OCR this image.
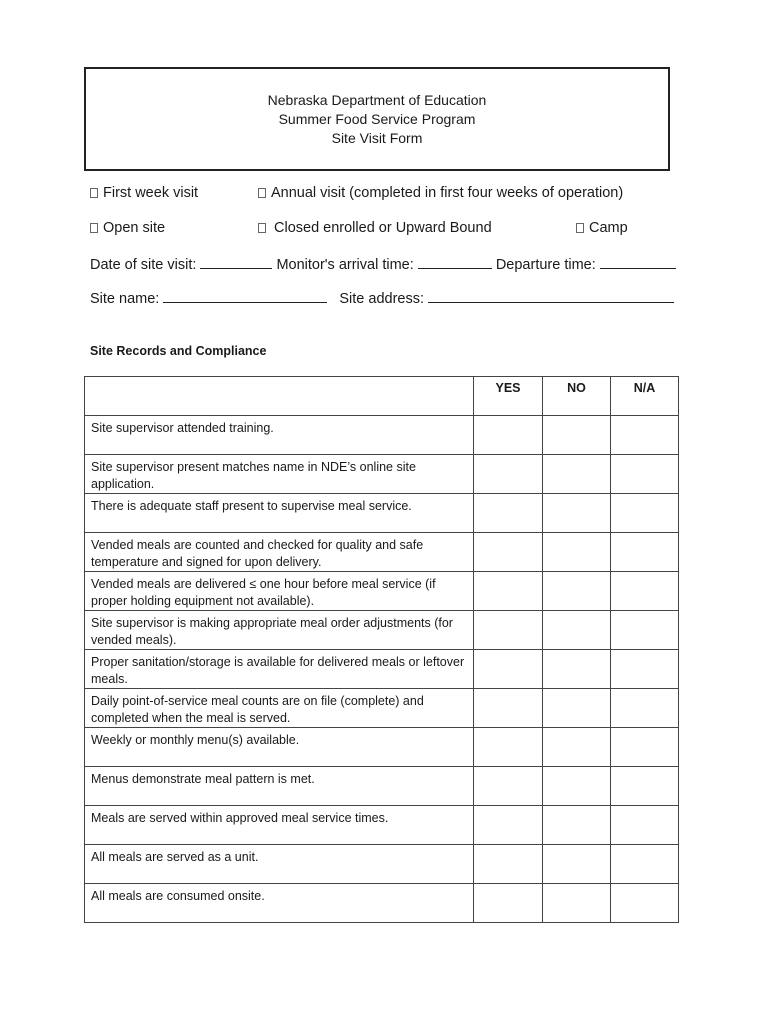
Nebraska Department of Education
Summer Food Service Program
Site Visit Form
First week visit	Annual visit (completed in first four weeks of operation)
Open site	Closed enrolled or Upward Bound	Camp
Date of site visit:	Monitor's arrival time:	Departure time:
Site name:	Site address:
Site Records and Compliance
	YES	NO	N/A
Site supervisor attended training.			
Site supervisor present matches name in NDE’s online site application.			
There is adequate staff present to supervise meal service.			
Vended meals are counted and checked for quality and safe temperature and signed for upon delivery.			
Vended meals are delivered ≤ one hour before meal service (if proper holding equipment not available).			
Site supervisor is making appropriate meal order adjustments (for vended meals).			
Proper sanitation/storage is available for delivered meals or leftover meals.			
Daily point-of-service meal counts are on file (complete) and completed when the meal is served.			
Weekly or monthly menu(s) available.			
Menus demonstrate meal pattern is met.			
Meals are served within approved meal service times.			
All meals are served as a unit.			
All meals are consumed onsite.			
